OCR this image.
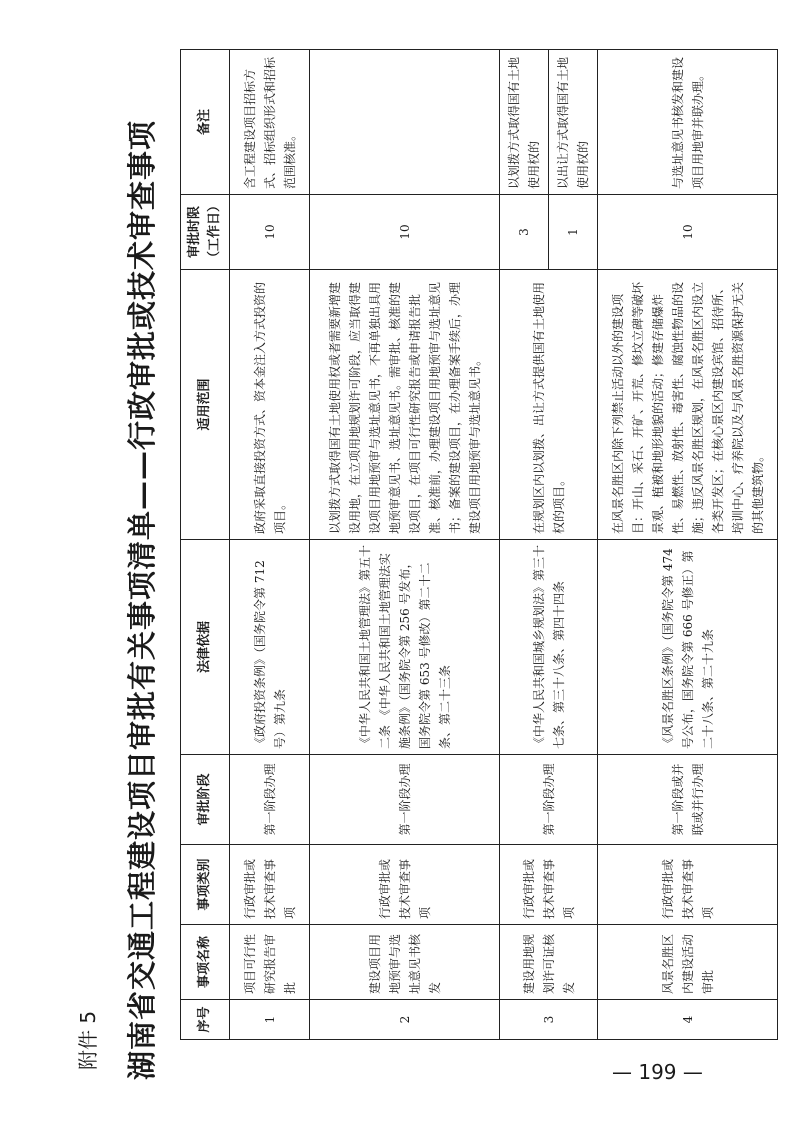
附件 5 湖南省交通工程建设项目审批有关事项清单——行政审批或技术审查事项	序号	事项名称	事项类别	审批阶段	法律依据	适用范围	审批时限（工作日）	备注
1	项目可行性研究报告审批	行政审批或技术审查事项	第一阶段办理	《政府投资条例》（国务院令第 712 号）第九条	政府采取直接投资方式、资本金注入方式投资的项目。	10	含工程建设项目招标方式、招标组织形式和招标范围核准。
2	建设项目用地预审与选址意见书核发	行政审批或技术审查事项	第一阶段办理	《中华人民共和国土地管理法》第五十二条 《中华人民共和国土地管理法实施条例》（国务院令第 256 号发布，国务院令第 653 号修改）第二十二条、第二十三条	以划拨方式取得国有土地使用权或者需要新增建设用地，在立项用地规划许可阶段，应当取得建设项目用地预审与选址意见书，不再单独出具用地预审意见书、选址意见书。需审批、核准的建设项目，在项目可行性研究报告或申请报告批准、核准前，办理建设项目用地预审与选址意见书；备案的建设项目，在办理备案手续后，办理建设项目用地预审与选址意见书。	10	
3	建设用地规划许可证核发	行政审批或技术审查事项	第一阶段办理	《中华人民共和国城乡规划法》第三十七条、第三十八条、第四十四条	在规划区内以划拨、出让方式提供国有土地使用权的项目。	3	以划拨方式取得国有土地使用权的
						1	以出让方式取得国有土地使用权的
4	风景名胜区内建设活动审批	行政审批或技术审查事项	第一阶段或并联或并行办理	《风景名胜区条例》（国务院令第 474 号公布，国务院令第 666 号修正）第二十八条、第二十九条	在风景名胜区内除下列禁止活动以外的建设项目：开山、采石、开矿、开荒、修坟立碑等破坏景观、植被和地形地貌的活动；修建存储爆炸性、易燃性、放射性、毒害性、腐蚀性物品的设施；违反风景名胜区规划，在风景名胜区内设立各类开发区；在核心景区内建设宾馆、招待所、培训中心、疗养院以及与风景名胜资源保护无关的其他建筑物。	10	与选址意见书核发和建设项目用地审并联办理。
— 199 —
